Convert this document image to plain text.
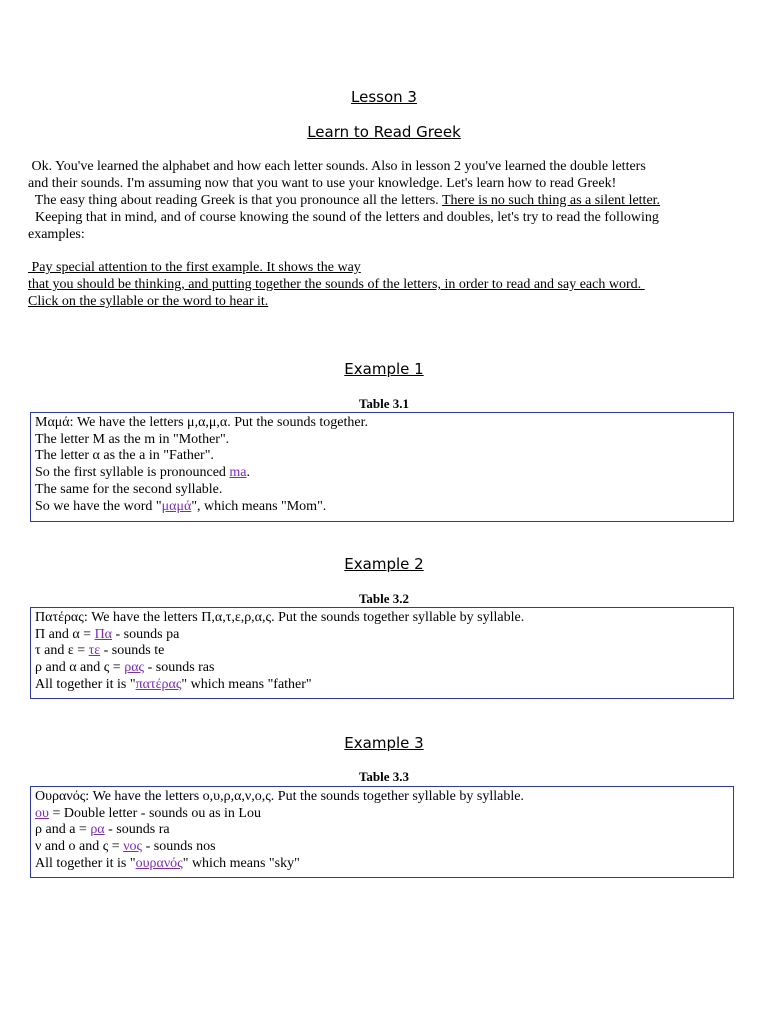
Lesson 3
Learn to Read Greek
Ok. You've learned the alphabet and how each letter sounds. Also in lesson 2 you've learned the double letters
and their sounds. I'm assuming now that you want to use your knowledge. Let's learn how to read Greek!
The easy thing about reading Greek is that you pronounce all the letters. There is no such thing as a silent letter.
Keeping that in mind, and of course knowing the sound of the letters and doubles, let's try to read the following
examples:
Pay special attention to the first example. It shows the way
that you should be thinking, and putting together the sounds of the letters, in order to read and say each word.
Click on the syllable or the word to hear it.
Example 1
Table 3.1
Μαμά: We have the letters μ,α,μ,α. Put the sounds together.
The letter Μ as the m in "Mother".
The letter α as the a in "Father".
So the first syllable is pronounced ma.
The same for the second syllable.
So we have the word "μαμά", which means "Mom".
Example 2
Table 3.2
Πατέρας: We have the letters Π,α,τ,ε,ρ,α,ς. Put the sounds together syllable by syllable.
Π and α = Πα - sounds pa
τ and ε = τε - sounds te
ρ and α and ς = ρας - sounds ras
All together it is "πατέρας" which means "father"
Example 3
Table 3.3
Ουρανός: We have the letters ο,υ,ρ,α,ν,ο,ς. Put the sounds together syllable by syllable.
ου = Double letter - sounds ou as in Lou
ρ and a = ρα - sounds ra
ν and ο and ς = νος - sounds nos
All together it is "ουρανός" which means "sky"
